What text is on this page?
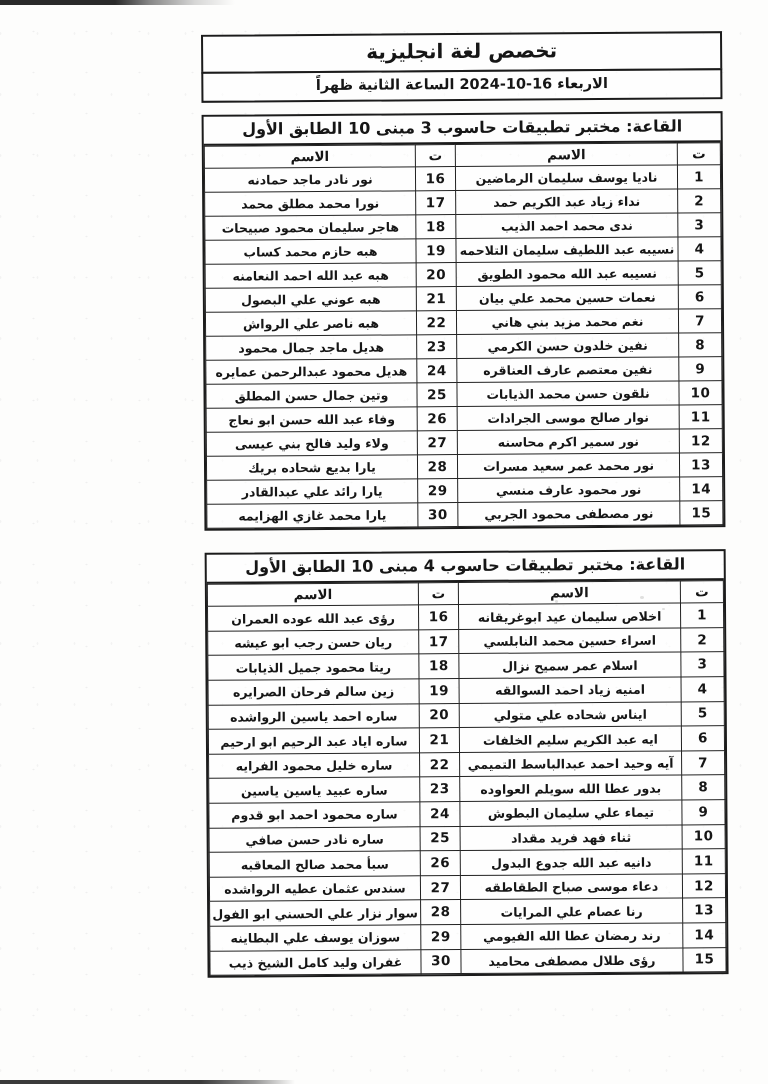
تخصص لغة انجليزية
الاربعاء 16-10-2024 الساعة الثانية ظهراً
القاعة: مختبر تطبيقات حاسوب 3 مبنى 10 الطابق الأول
ت	الاسم	ت	الاسم
1	ناديا يوسف سليمان الرماضين	16	نور نادر ماجد حمادنه
2	نداء زياد عبد الكريم حمد	17	نورا محمد مطلق محمد
3	ندى محمد احمد الذيب	18	هاجر سليمان محمود صبيحات
4	نسيبه عبد اللطيف سليمان التلاحمه	19	هبه حازم محمد كساب
5	نسيبه عبد الله محمود الطويق	20	هبه عبد الله احمد النعامنه
6	نعمات حسين محمد علي بيان	21	هبه عوني علي البصول
7	نغم محمد مزيد بني هاني	22	هبه ناصر علي الرواش
8	نفين خلدون حسن الكرمي	23	هديل ماجد جمال محمود
9	نفين معتصم عارف العناقره	24	هديل محمود عبدالرحمن عمايره
10	نلقون حسن محمد الذيابات	25	وتين جمال حسن المطلق
11	نوار صالح موسى الجرادات	26	وفاء عبد الله حسن ابو نعاج
12	نور سمير اكرم محاسنه	27	ولاء وليد فالح بني عيسى
13	نور محمد عمر سعيد مسرات	28	يارا بديع شحاده بريك
14	نور محمود عارف منسي	29	يارا رائد علي عبدالقادر
15	نور مصطفى محمود الجربي	30	يارا محمد غازي الهزايمه
القاعة: مختبر تطبيقات حاسوب 4 مبنى 10 الطابق الأول
ت	الاسم	ت	الاسم
1	اخلاص سليمان عيد ابوغريقانه	16	رؤى عبد الله عوده العمران
2	اسراء حسين محمد النابلسي	17	ريان حسن رجب ابو عيشه
3	اسلام عمر سميح نزال	18	ريتا محمود جميل الذيابات
4	امنيه زياد احمد السوالقه	19	زين سالم فرحان الصرايره
5	ايناس شحاده علي متولي	20	ساره احمد ياسين الرواشده
6	ايه عبد الكريم سليم الخلفات	21	ساره اياد عبد الرحيم ابو ارحيم
7	آيه وحيد احمد عبدالباسط التميمي	22	ساره خليل محمود الفرايه
8	بدور عطا الله سويلم العواوده	23	ساره عبيد ياسين ياسين
9	تيماء علي سليمان البطوش	24	ساره محمود احمد ابو قدوم
10	ثناء فهد فريد مقداد	25	ساره نادر حسن صافي
11	دانيه عبد الله جدوع البدول	26	سبأ محمد صالح المعاقبه
12	دعاء موسى صباح الطقاطقه	27	سندس عثمان عطيه الرواشده
13	رنا عصام علي المرايات	28	سوار نزار علي الحسني ابو الفول
14	رند رمضان عطا الله الفيومي	29	سوزان يوسف علي البطاينه
15	رؤى طلال مصطفى محاميد	30	غفران وليد كامل الشيخ ذيب
